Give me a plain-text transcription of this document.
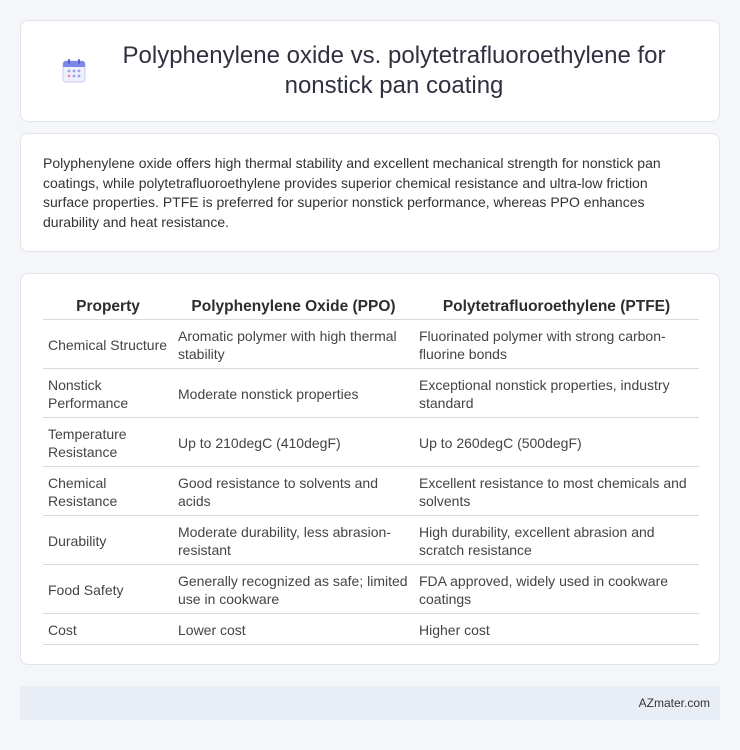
Polyphenylene oxide vs. polytetrafluoroethylene for nonstick pan coating

Polyphenylene oxide offers high thermal stability and excellent mechanical strength for nonstick pan coatings, while polytetrafluoroethylene provides superior chemical resistance and ultra-low friction surface properties. PTFE is preferred for superior nonstick performance, whereas PPO enhances durability and heat resistance.

Property	Polyphenylene Oxide (PPO)	Polytetrafluoroethylene (PTFE)
Chemical Structure	Aromatic polymer with high thermal stability	Fluorinated polymer with strong carbon-fluorine bonds
Nonstick Performance	Moderate nonstick properties	Exceptional nonstick properties, industry standard
Temperature Resistance	Up to 210degC (410degF)	Up to 260degC (500degF)
Chemical Resistance	Good resistance to solvents and acids	Excellent resistance to most chemicals and solvents
Durability	Moderate durability, less abrasion-resistant	High durability, excellent abrasion and scratch resistance
Food Safety	Generally recognized as safe; limited use in cookware	FDA approved, widely used in cookware coatings
Cost	Lower cost	Higher cost
AZmater.com
